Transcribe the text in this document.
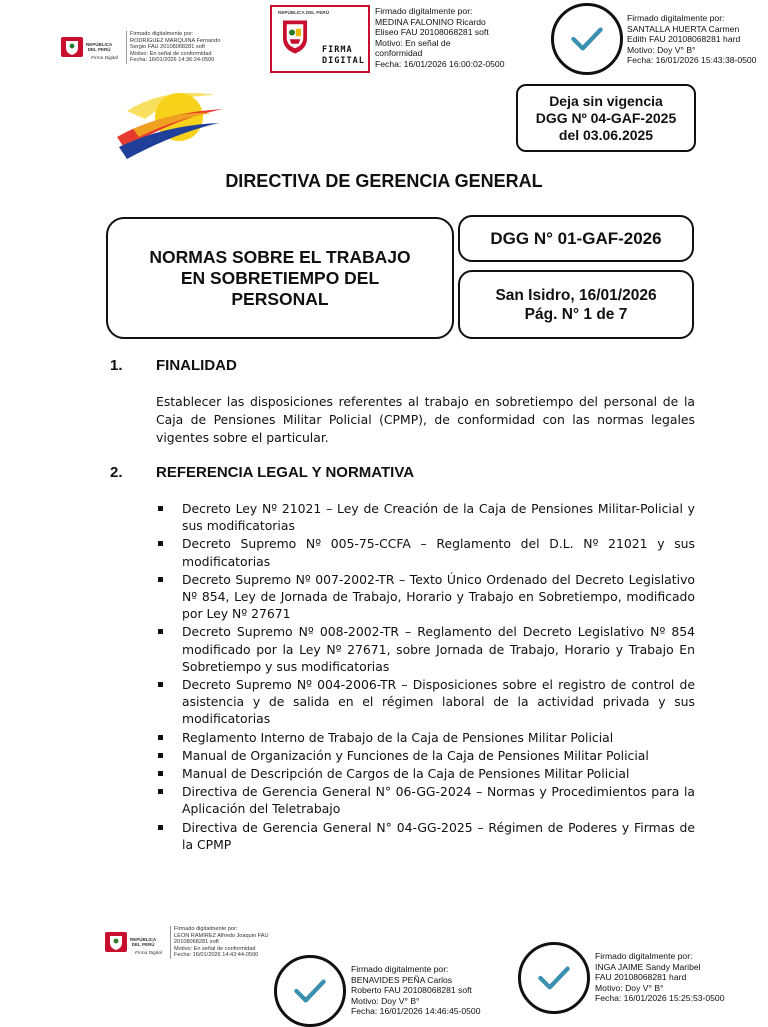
REPÚBLICA
DEL PERÚ
Firma Digital
Firmado digitalmente por:
RODRIGUEZ MARQUINA Fernando
Sergio FAU 20108068281 soft
Motivo: En señal de conformidad
Fecha: 16/01/2026 14:36:24-0500
REPÚBLICA DEL PERÚ
FIRMA
DIGITAL
Firmado digitalmente por:
MEDINA FALONINO Ricardo
Eliseo FAU 20108068281 soft
Motivo: En señal de
conformidad
Fecha: 16/01/2026 16:00:02-0500
Firmado digitalmente por:
SANTALLA HUERTA Carmen
Edith FAU 20108068281 hard
Motivo: Doy V° B°
Fecha: 16/01/2026 15:43:38-0500
Deja sin vigencia
DGG Nº 04-GAF-2025
del 03.06.2025
DIRECTIVA DE GERENCIA GENERAL
NORMAS SOBRE EL TRABAJO
EN SOBRETIEMPO DEL
PERSONAL
DGG N° 01-GAF-2026
San Isidro, 16/01/2026
Pág. N° 1 de 7
1. FINALIDAD
Establecer las disposiciones referentes al trabajo en sobretiempo del personal de la Caja de Pensiones Militar Policial (CPMP), de conformidad con las normas legales vigentes sobre el particular.
2. REFERENCIA LEGAL Y NORMATIVA
Decreto Ley Nº 21021 – Ley de Creación de la Caja de Pensiones Militar-Policial y sus modificatorias
Decreto Supremo Nº 005-75-CCFA – Reglamento del D.L. Nº 21021 y sus modificatorias
Decreto Supremo Nº 007-2002-TR – Texto Único Ordenado del Decreto Legislativo Nº 854, Ley de Jornada de Trabajo, Horario y Trabajo en Sobretiempo, modificado por Ley Nº 27671
Decreto Supremo Nº 008-2002-TR – Reglamento del Decreto Legislativo Nº 854 modificado por la Ley Nº 27671, sobre Jornada de Trabajo, Horario y Trabajo En Sobretiempo y sus modificatorias
Decreto Supremo Nº 004-2006-TR – Disposiciones sobre el registro de control de asistencia y de salida en el régimen laboral de la actividad privada y sus modificatorias
Reglamento Interno de Trabajo de la Caja de Pensiones Militar Policial
Manual de Organización y Funciones de la Caja de Pensiones Militar Policial
Manual de Descripción de Cargos de la Caja de Pensiones Militar Policial
Directiva de Gerencia General N° 06-GG-2024 – Normas y Procedimientos para la Aplicación del Teletrabajo
Directiva de Gerencia General N° 04-GG-2025 – Régimen de Poderes y Firmas de la CPMP
REPÚBLICA
DEL PERÚ
Firma Digital
Firmado digitalmente por:
LEON RAMIREZ Alfredo Joaquin FAU
20108068281 soft
Motivo: En señal de conformidad
Fecha: 16/01/2026 14:43:44-0500
Firmado digitalmente por:
BENAVIDES PEÑA Carlos
Roberto FAU 20108068281 soft
Motivo: Doy V° B°
Fecha: 16/01/2026 14:46:45-0500
Firmado digitalmente por:
INGA JAIME Sandy Maribel
FAU 20108068281 hard
Motivo: Doy V° B°
Fecha: 16/01/2026 15:25:53-0500
